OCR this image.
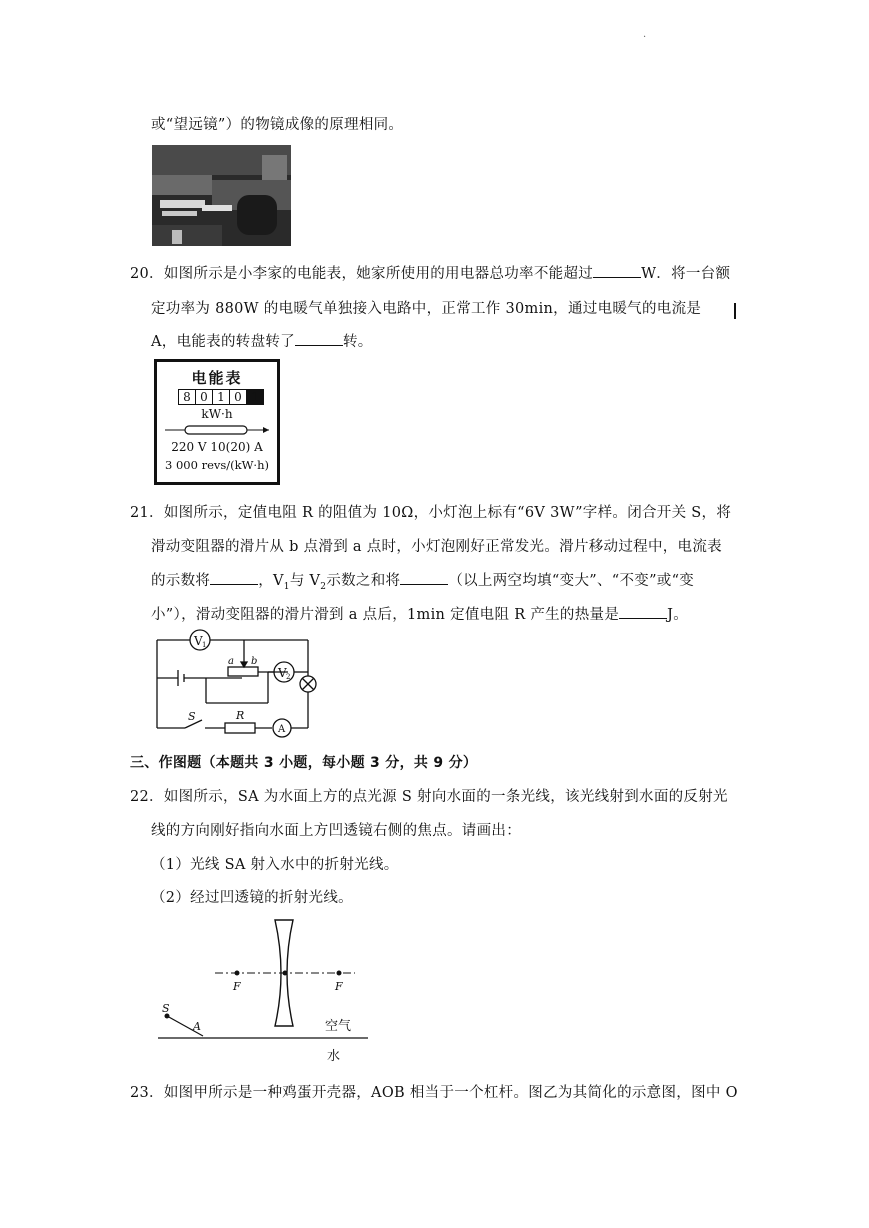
·
或“望远镜”）的物镜成像的原理相同。
20．如图所示是小李家的电能表，她家所使用的用电器总功率不能超过	W．将一台额
定功率为 880W 的电暖气单独接入电路中，正常工作 30min，通过电暖气的电流是
A，电能表的转盘转了	转。
电能表
8 0 1 0 1
kW·h
220 V 10(20) A
3 000 revs/(kW·h)
21．如图所示，定值电阻 R 的阻值为 10Ω，小灯泡上标有“6V 3W”字样。闭合开关 S，将
滑动变阻器的滑片从 b 点滑到 a 点时，小灯泡刚好正常发光。滑片移动过程中，电流表
的示数将	，$V_1$与 $V_2$示数之和将	（以上两空均填“变大”、“不变”或“变
小”），滑动变阻器的滑片滑到 a 点后，1min 定值电阻 R 产生的热量是	J。
V 1
V 2
a b
S	R
A
三、作图题（本题共 3 小题，每小题 3 分，共 9 分）
22．如图所示，SA 为水面上方的点光源 S 射向水面的一条光线，该光线射到水面的反射光
线的方向刚好指向水面上方凹透镜右侧的焦点。请画出：
（1）光线 SA 射入水中的折射光线。
（2）经过凹透镜的折射光线。
F	F
S
A	空气
水
23．如图甲所示是一种鸡蛋开壳器，AOB 相当于一个杠杆。图乙为其简化的示意图，图中 O
